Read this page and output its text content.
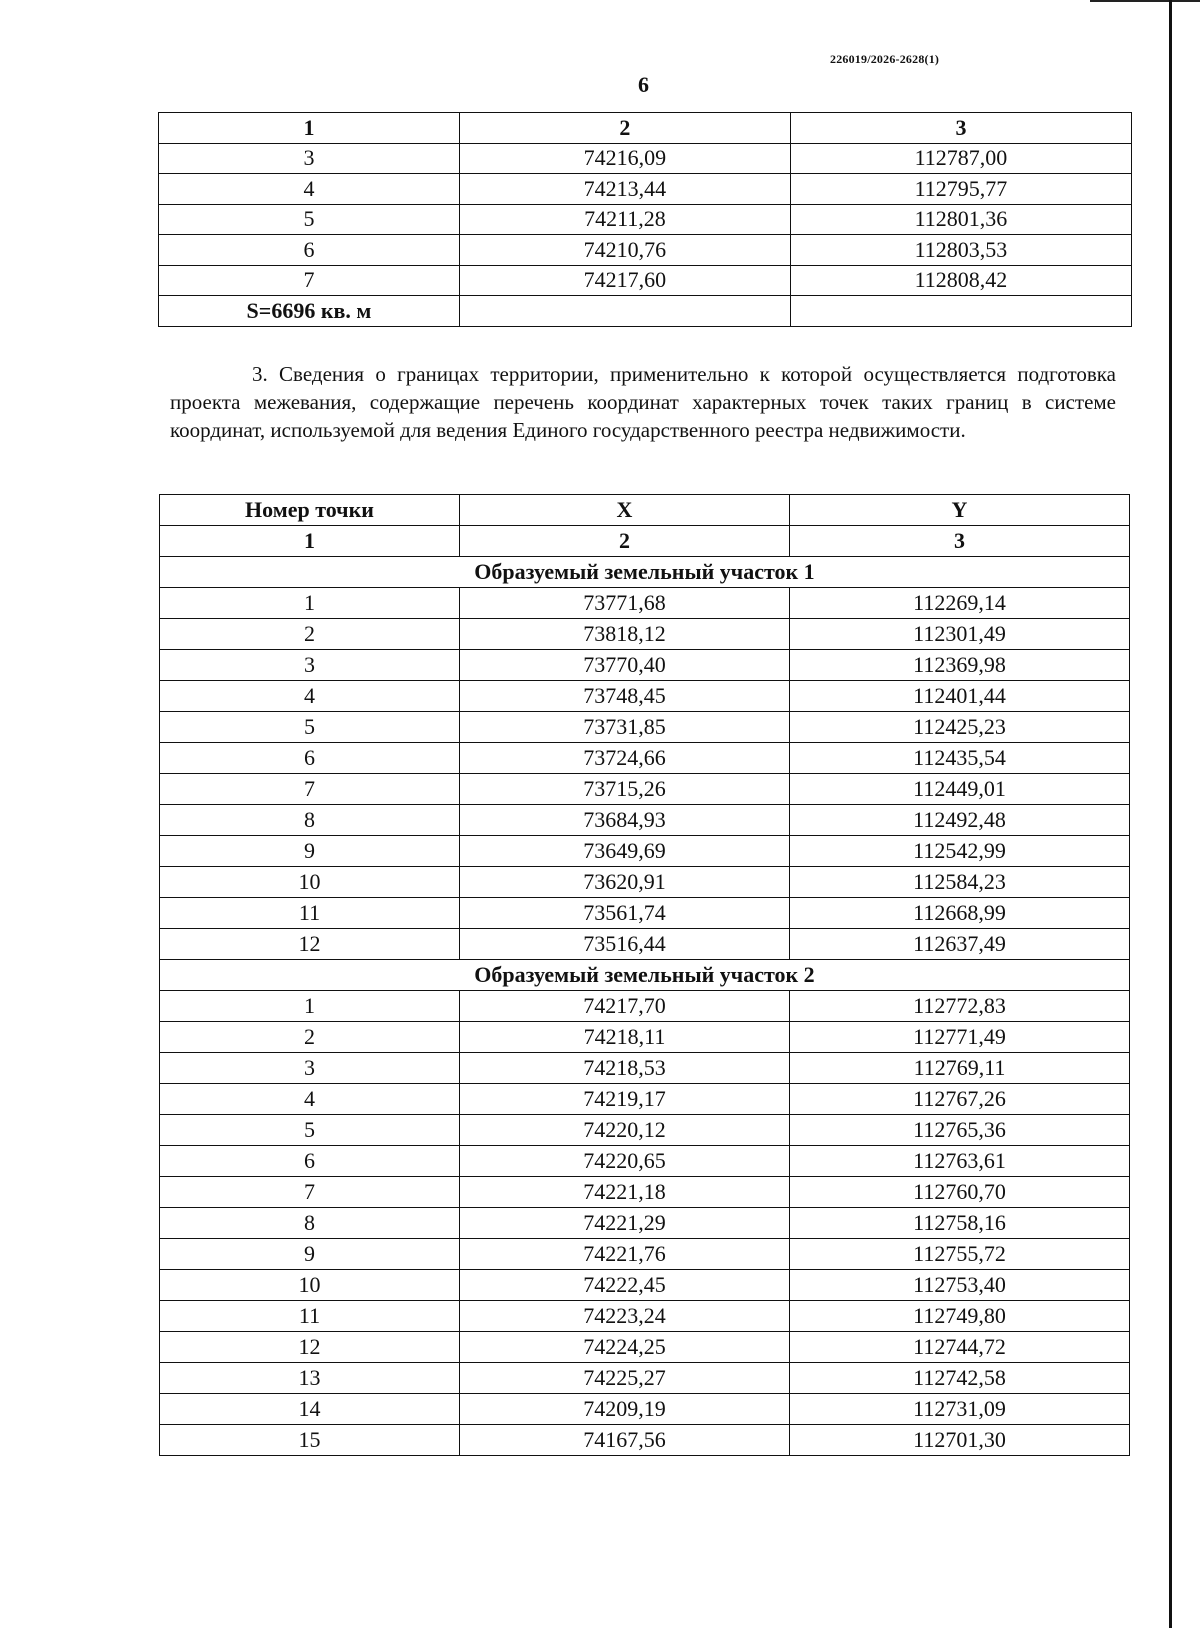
226019/2026-2628(1)
6
1	2	3
3	74216,09	112787,00
4	74213,44	112795,77
5	74211,28	112801,36
6	74210,76	112803,53
7	74217,60	112808,42
S=6696 кв. м		
3. Сведения о границах территории, применительно к которой осуществляется подготовка проекта межевания, содержащие перечень координат характерных точек таких границ в системе координат, используемой для ведения Единого государственного реестра недвижимости.
Номер точки	X	Y
1	2	3
Образуемый земельный участок 1		
1	73771,68	112269,14
2	73818,12	112301,49
3	73770,40	112369,98
4	73748,45	112401,44
5	73731,85	112425,23
6	73724,66	112435,54
7	73715,26	112449,01
8	73684,93	112492,48
9	73649,69	112542,99
10	73620,91	112584,23
11	73561,74	112668,99
12	73516,44	112637,49
Образуемый земельный участок 2		
1	74217,70	112772,83
2	74218,11	112771,49
3	74218,53	112769,11
4	74219,17	112767,26
5	74220,12	112765,36
6	74220,65	112763,61
7	74221,18	112760,70
8	74221,29	112758,16
9	74221,76	112755,72
10	74222,45	112753,40
11	74223,24	112749,80
12	74224,25	112744,72
13	74225,27	112742,58
14	74209,19	112731,09
15	74167,56	112701,30
